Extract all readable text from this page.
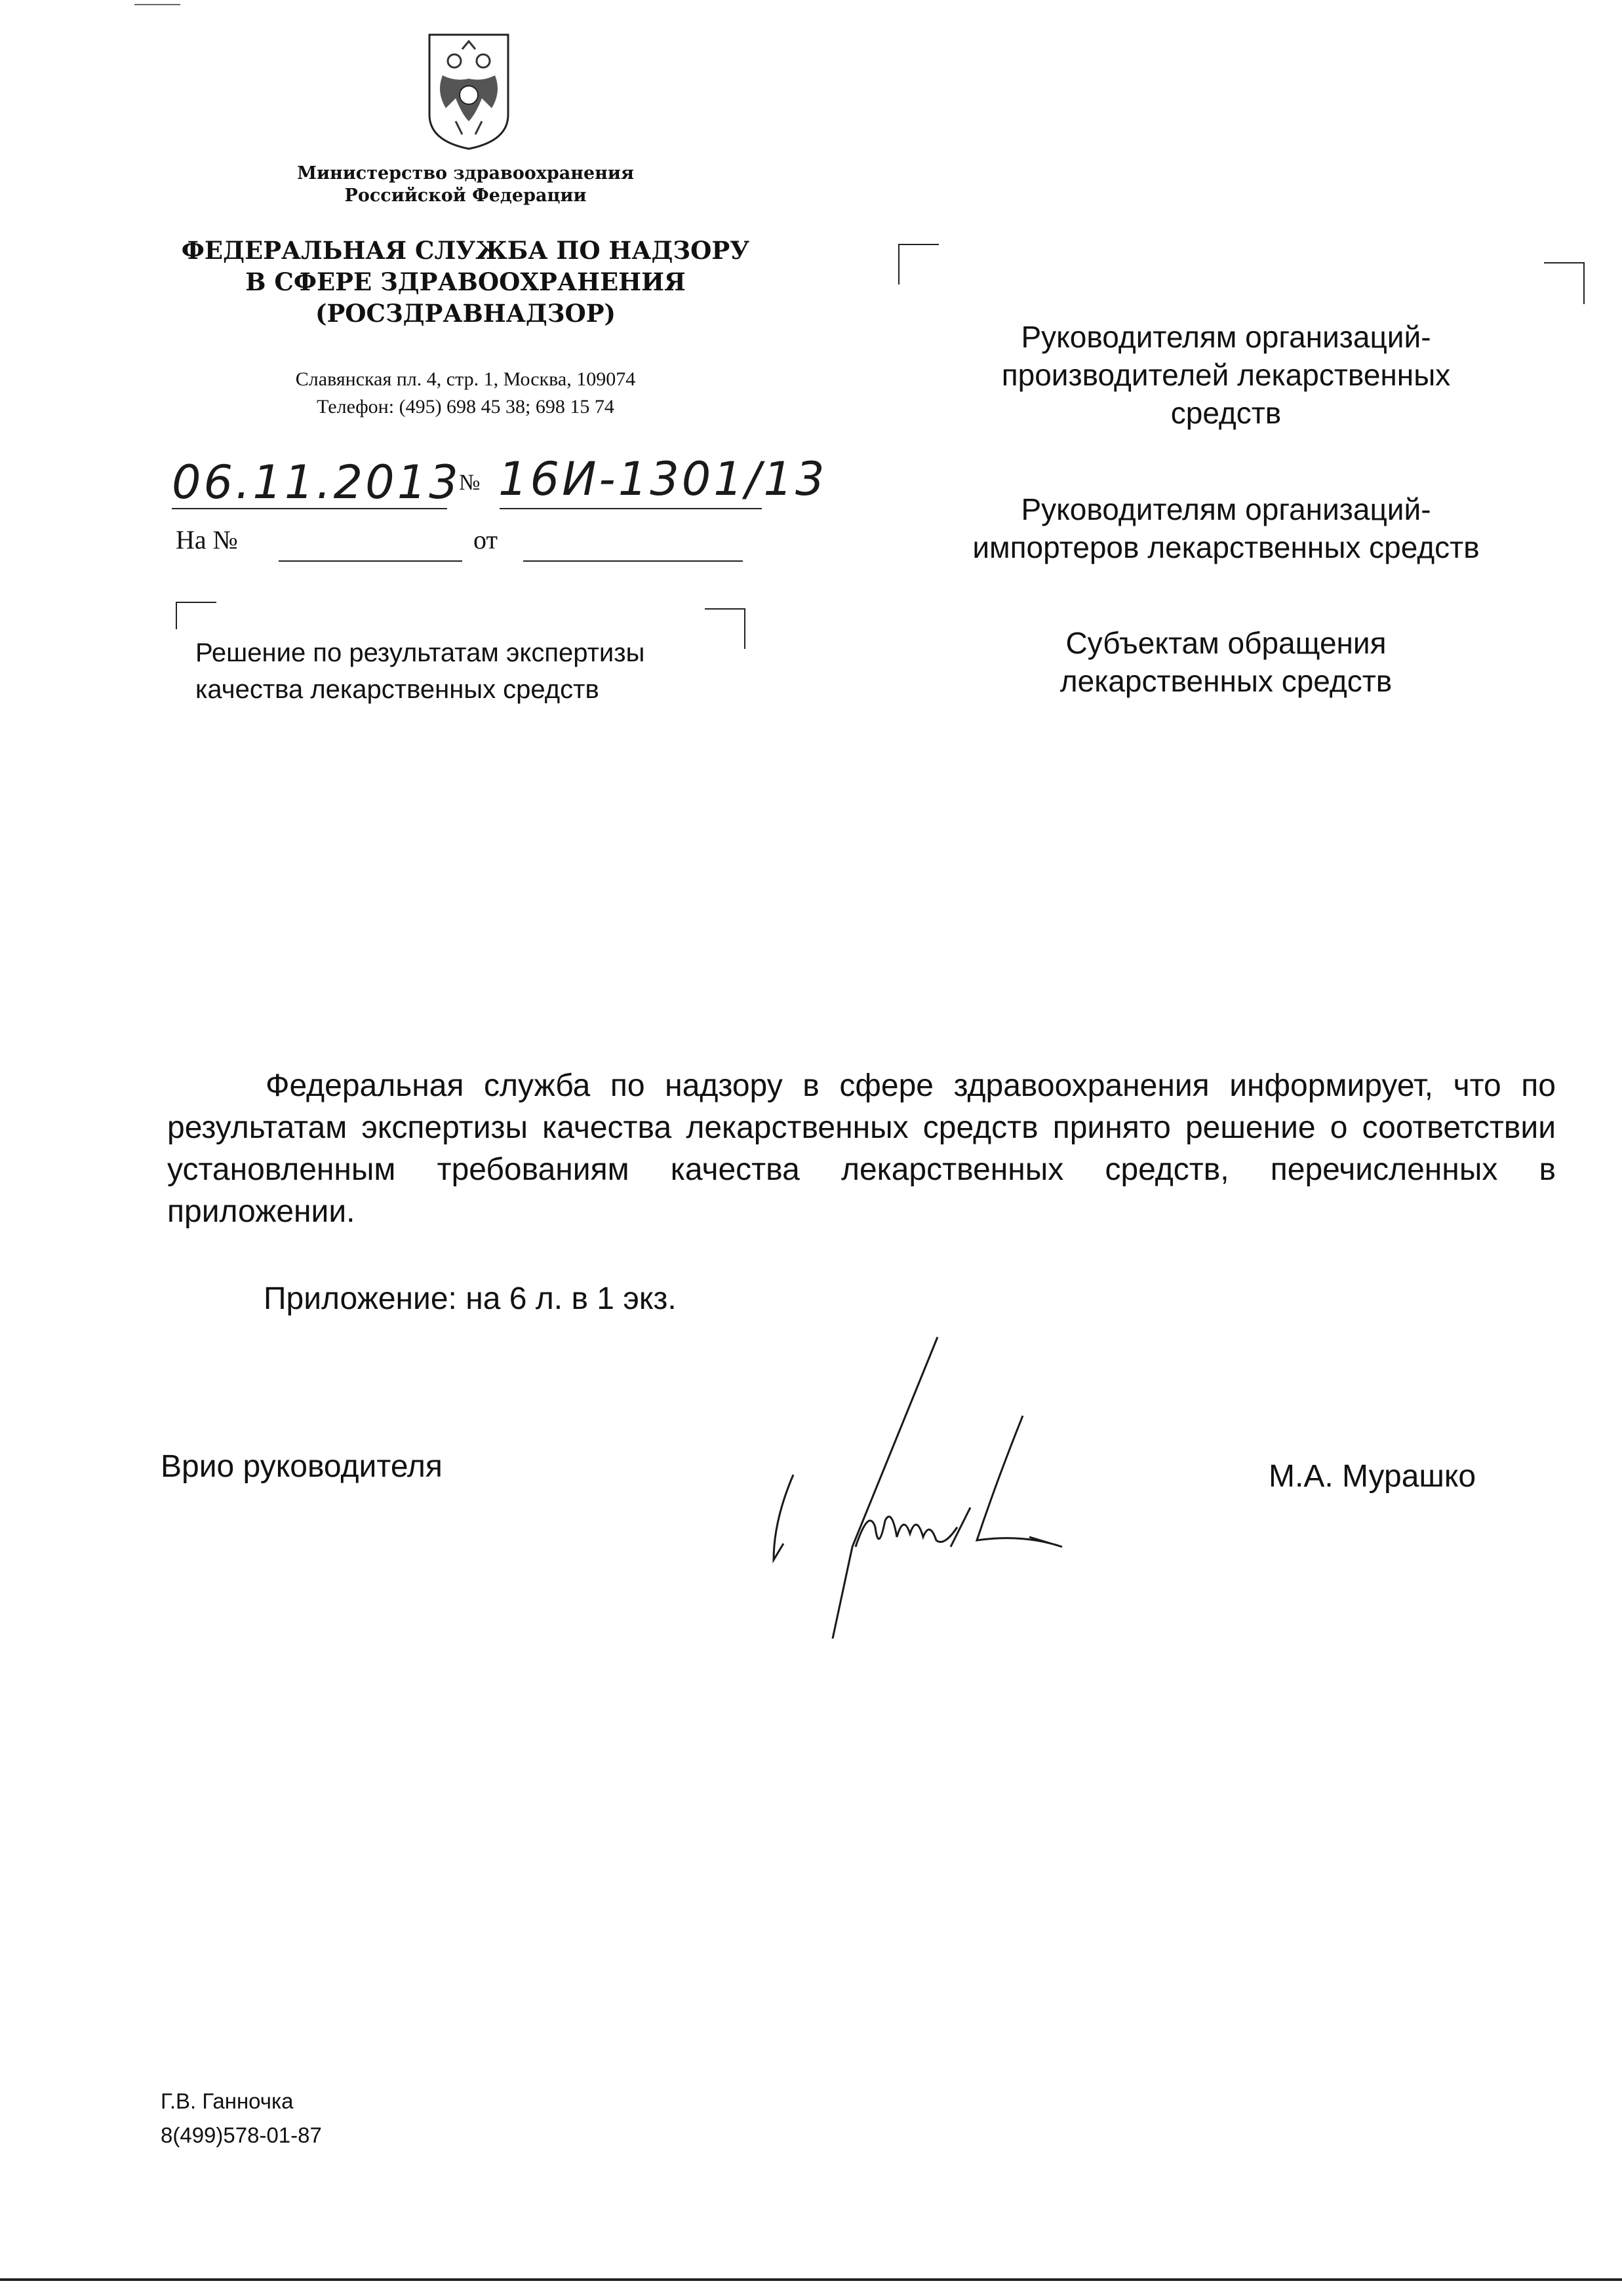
Министерство здравоохранения
Российской Федерации
ФЕДЕРАЛЬНАЯ СЛУЖБА ПО НАДЗОРУ
В СФЕРЕ ЗДРАВООХРАНЕНИЯ
(РОСЗДРАВНАДЗОР)
Славянская пл. 4, стр. 1, Москва, 109074
Телефон: (495) 698 45 38; 698 15 74
06.11.2013
№ 16И-1301/13
На №	от
Решение по результатам экспертизы
качества лекарственных средств
Руководителям организаций-
производителей лекарственных
средств
Руководителям организаций-
импортеров лекарственных средств
Субъектам обращения
лекарственных средств
Федеральная служба по надзору в сфере здравоохранения информирует, что по результатам экспертизы качества лекарственных средств принято решение о соответствии установленным требованиям качества лекарственных средств, перечисленных в приложении.
Приложение: на 6 л. в 1 экз.
Врио руководителя	М.А. Мурашко
Г.В. Ганночка
8(499)578-01-87
